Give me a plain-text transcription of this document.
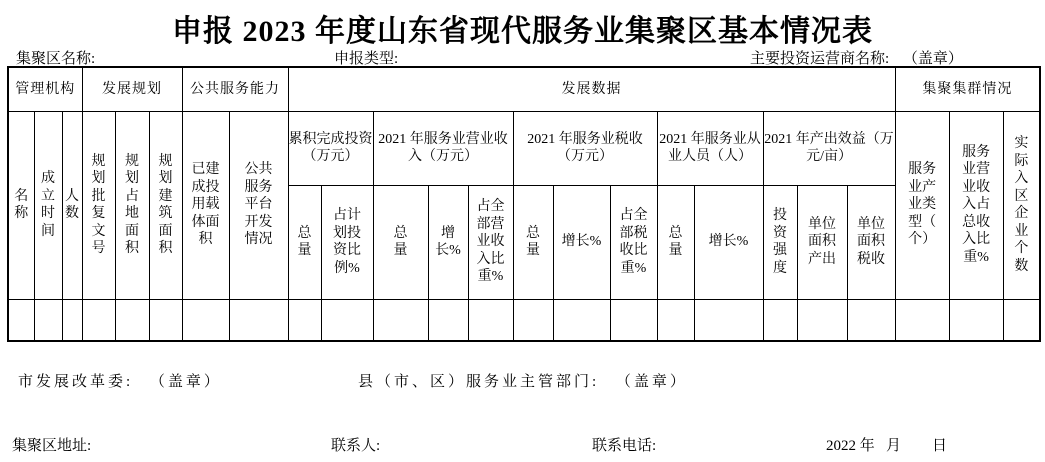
申报 2023 年度山东省现代服务业集聚区基本情况表
集聚区名称:	申报类型:	主要投资运营商名称: （盖章）
管理机构			发展规划			公共服务能力		发展数据													集聚集群情况		
名称	成立时间	人数	规划批复文号	规划占地面积	规划建筑面积	已建成投用载体面积	公共服务平台开发情况	累积完成投资（万元）		2021 年服务业营业收入（万元）			2021 年服务业税收（万元）			2021 年服务业从业人员（人）		2021 年产出效益（万元/亩）			服务业产业类型（个）	服务业营业收入占总收入比重%	实际入区企业个数
								总量	占计划投资比例%	总量	增长%	占全部营业收入比重%	总量	增长%	占全部税收比重%	总量	增长%	投资强度	单位面积产出	单位面积税收			

市发展改革委: （盖章）	县（市、区）服务业主管部门: （盖章）
集聚区地址:	联系人:	联系电话:	2022 年 月 日
